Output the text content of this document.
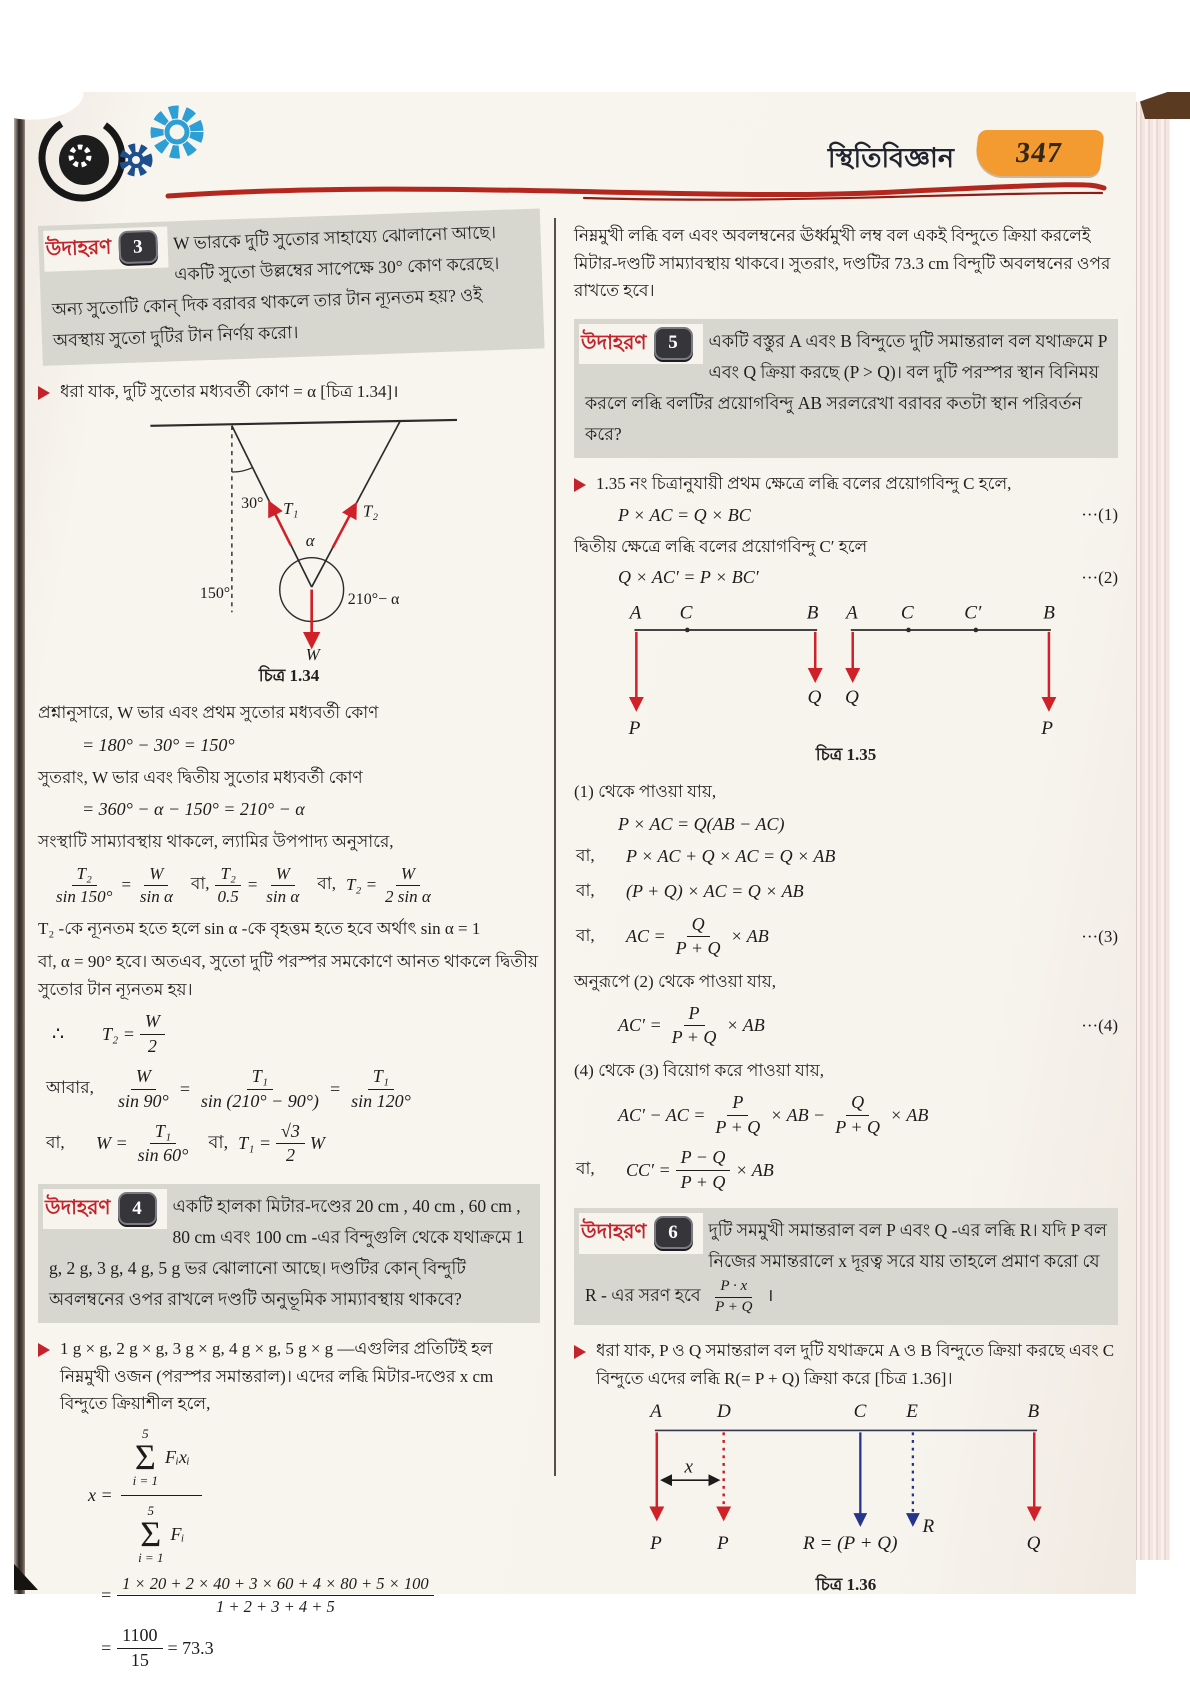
স্থিতিবিজ্ঞান	347
উদাহরণ	3	W ভারকে দুটি সুতোর সাহায্যে ঝোলানো আছে। একটি সুতো উল্লম্বের সাপেক্ষে 30° কোণ করেছে। অন্য সুতোটি কোন্ দিক বরাবর থাকলে তার টান ন্যূনতম হয়? ওই অবস্থায় সুতো দুটির টান নির্ণয় করো।

ধরা যাক, দুটি সুতোর মধ্যবর্তী কোণ = α [চিত্র 1.34]।

30° T₁	T₂
α
150°	210°− α
W
চিত্র 1.34

প্রশ্নানুসারে, W ভার এবং প্রথম সুতোর মধ্যবর্তী কোণ

= 180° − 30° = 150°

সুতরাং, W ভার এবং দ্বিতীয় সুতোর মধ্যবর্তী কোণ

= 360° − α − 150° = 210° − α

সংস্থাটি সাম্যাবস্থায় থাকলে, ল্যামির উপপাদ্য অনুসারে,

$\frac{\text{T₂}}{\sin 150^\circ} = \frac{W}{\text{sin α}}$ বা, $\frac{\text{T₂}}{0.5} = \frac{W}{\text{sin α}}$ বা, $T_2 = \frac{W}{\text{2 sin α}}$

T₂ -কে ন্যূনতম হতে হলে sin α -কে বৃহত্তম হতে হবে অর্থাৎ sin α = 1

বা, α = 90° হবে। অতএব, সুতো দুটি পরস্পর সমকোণে আনত থাকলে দ্বিতীয় সুতোর টান ন্যূনতম হয়।

∴	$T_2 = \frac{W}{2}$
আবার,	$\frac{W}{\sin 90^\circ} = \frac{\text{T₁}}{\sin (210^\circ - 90^\circ)} = \frac{\text{T₁}}{\sin 120^\circ}$
বা,	$W = \frac{\text{T₁}}{\sin 60^\circ}$ বা, $T_1 = \frac{√3}{2}$ W
উদাহরণ	4	একটি হালকা মিটার-দণ্ডের 20 cm , 40 cm , 60 cm , 80 cm এবং 100 cm -এর বিন্দুগুলি থেকে যথাক্রমে 1 g, 2 g, 3 g, 4 g, 5 g ভর ঝোলানো আছে। দণ্ডটির কোন্ বিন্দুটি অবলম্বনের ওপর রাখলে দণ্ডটি অনুভূমিক সাম্যাবস্থায় থাকবে?

1 g × g, 2 g × g, 3 g × g, 4 g × g, 5 g × g —এগুলির প্রতিটিই হল নিম্নমুখী ওজন (পরস্পর সমান্তরাল)। এদের লব্ধি মিটার-দণ্ডের x cm বিন্দুতে ক্রিয়াশীল হলে,

x =
5
Σ
i = 1
Fᵢxᵢ
5
Σ
i = 1
Fᵢ
= $\frac{1 \times 20 + 2 \times 40 + 3 \times 60 + 4 \times 80 + 5 \times 100}{1 + 2 + 3 + 4 + 5}$
= $\frac{1100}{15} = 73.3$

নিম্নমুখী লব্ধি বল এবং অবলম্বনের ঊর্ধ্বমুখী লম্ব বল একই বিন্দুতে ক্রিয়া করলেই মিটার-দণ্ডটি সাম্যাবস্থায় থাকবে। সুতরাং, দণ্ডটির 73.3 cm বিন্দুটি অবলম্বনের ওপর রাখতে হবে।

উদাহরণ	5	একটি বস্তুর A এবং B বিন্দুতে দুটি সমান্তরাল বল যথাক্রমে P এবং Q ক্রিয়া করছে (P > Q)। বল দুটি পরস্পর স্থান বিনিময় করলে লব্ধি বলটির প্রয়োগবিন্দু AB সরলরেখা বরাবর কতটা স্থান পরিবর্তন করে?

1.35 নং চিত্রানুযায়ী প্রথম ক্ষেত্রে লব্ধি বলের প্রয়োগবিন্দু C হলে,

P × AC = Q × BC	···(1)

দ্বিতীয় ক্ষেত্রে লব্ধি বলের প্রয়োগবিন্দু C′ হলে

Q × AC′ = P × BC′	···(2)
A C	B
P
Q
A C	C′	B
Q
P
চিত্র 1.35

(1) থেকে পাওয়া যায়,

P × AC = Q(AB − AC)
বা,	P × AC + Q × AC = Q × AB
বা,	(P + Q) × AC = Q × AB
বা,	AC = $\frac{Q}{P + Q}$ × AB	···(3)

অনুরূপে (2) থেকে পাওয়া যায়,

$AC' = \frac{P}{P + Q}$ × AB	···(4)

(4) থেকে (3) বিয়োগ করে পাওয়া যায়,

AC′ − AC = $\frac{P}{P + Q}$ × AB − $\frac{Q}{P + Q}$ × AB
বা,	$CC' = \frac{P - Q}{P + Q}$ × AB
উদাহরণ	6	দুটি সমমুখী সমান্তরাল বল P এবং Q -এর লব্ধি R। যদি P বল নিজের সমান্তরালে x দূরত্ব সরে যায় তাহলে প্রমাণ করো যে R - এর সরণ হবে $\frac{P \cdot x}{P + Q}$ ।

ধরা যাক, P ও Q সমান্তরাল বল দুটি যথাক্রমে A ও B বিন্দুতে ক্রিয়া করছে এবং C বিন্দুতে এদের লব্ধি R(= P + Q) ক্রিয়া করে [চিত্র 1.36]।

A	D	C E	B
x
P	P	R = (P + Q)
R
Q
চিত্র 1.36
